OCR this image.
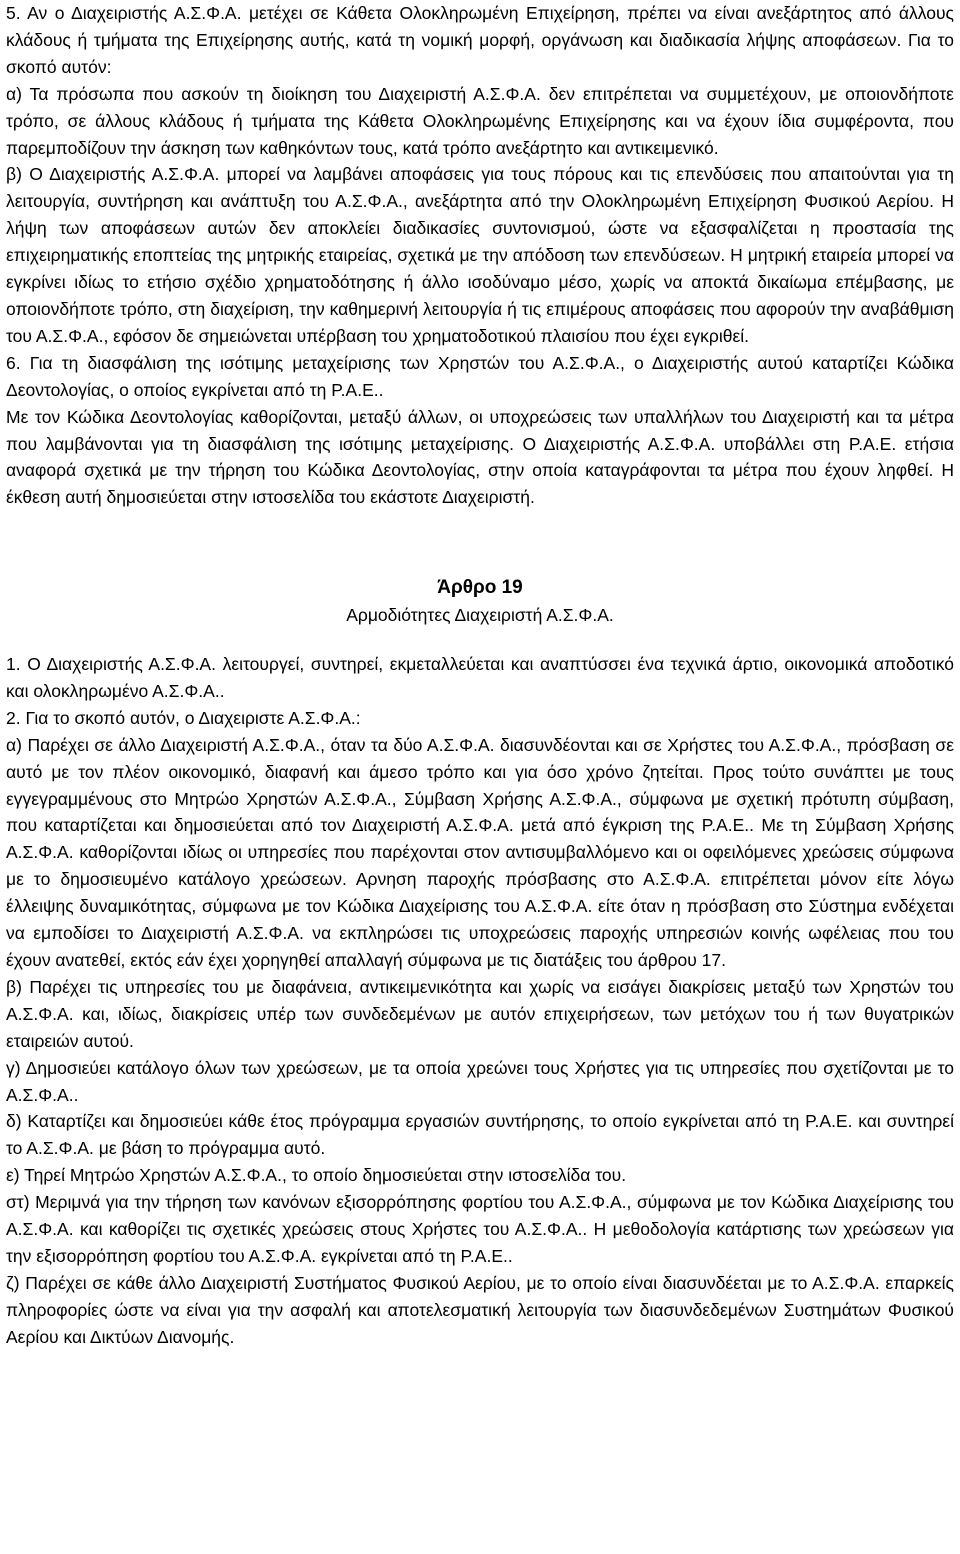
5. Αν ο Διαχειριστής Α.Σ.Φ.Α. μετέχει σε Κάθετα Ολοκληρωμένη Επιχείρηση, πρέπει να είναι ανεξάρτητος από άλλους κλάδους ή τμήματα της Επιχείρησης αυτής, κατά τη νομική μορφή, οργάνωση και διαδικασία λήψης αποφάσεων. Για το σκοπό αυτόν:

α) Τα πρόσωπα που ασκούν τη διοίκηση του Διαχειριστή Α.Σ.Φ.Α. δεν επιτρέπεται να συμμετέχουν, με οποιονδήποτε τρόπο, σε άλλους κλάδους ή τμήματα της Κάθετα Ολοκληρωμένης Επιχείρησης και να έχουν ίδια συμφέροντα, που παρεμποδίζουν την άσκηση των καθηκόντων τους, κατά τρόπο ανεξάρτητο και αντικειμενικό.

β) Ο Διαχειριστής Α.Σ.Φ.Α. μπορεί να λαμβάνει αποφάσεις για τους πόρους και τις επενδύσεις που απαιτούνται για τη λειτουργία, συντήρηση και ανάπτυξη του Α.Σ.Φ.Α., ανεξάρτητα από την Ολοκληρωμένη Επιχείρηση Φυσικού Αερίου. Η λήψη των αποφάσεων αυτών δεν αποκλείει διαδικασίες συντονισμού, ώστε να εξασφαλίζεται η προστασία της επιχειρηματικής εποπτείας της μητρικής εταιρείας, σχετικά με την απόδοση των επενδύσεων. Η μητρική εταιρεία μπορεί να εγκρίνει ιδίως το ετήσιο σχέδιο χρηματοδότησης ή άλλο ισοδύναμο μέσο, χωρίς να αποκτά δικαίωμα επέμβασης, με οποιονδήποτε τρόπο, στη διαχείριση, την καθημερινή λειτουργία ή τις επιμέρους αποφάσεις που αφορούν την αναβάθμιση του Α.Σ.Φ.Α., εφόσον δε σημειώνεται υπέρβαση του χρηματοδοτικού πλαισίου που έχει εγκριθεί.

6. Για τη διασφάλιση της ισότιμης μεταχείρισης των Χρηστών του Α.Σ.Φ.Α., ο Διαχειριστής αυτού καταρτίζει Κώδικα Δεοντολογίας, ο οποίος εγκρίνεται από τη Ρ.Α.Ε..

Με τον Κώδικα Δεοντολογίας καθορίζονται, μεταξύ άλλων, οι υποχρεώσεις των υπαλλήλων του Διαχειριστή και τα μέτρα που λαμβάνονται για τη διασφάλιση της ισότιμης μεταχείρισης. Ο Διαχειριστής Α.Σ.Φ.Α. υποβάλλει στη Ρ.Α.Ε. ετήσια αναφορά σχετικά με την τήρηση του Κώδικα Δεοντολογίας, στην οποία καταγράφονται τα μέτρα που έχουν ληφθεί. Η έκθεση αυτή δημοσιεύεται στην ιστοσελίδα του εκάστοτε Διαχειριστή.

Άρθρο 19

Αρμοδιότητες Διαχειριστή Α.Σ.Φ.Α.

1. Ο Διαχειριστής Α.Σ.Φ.Α. λειτουργεί, συντηρεί, εκμεταλλεύεται και αναπτύσσει ένα τεχνικά άρτιο, οικονομικά αποδοτικό και ολοκληρωμένο Α.Σ.Φ.Α..

2. Για το σκοπό αυτόν, ο Διαχειριστε Α.Σ.Φ.Α.:

α) Παρέχει σε άλλο Διαχειριστή Α.Σ.Φ.Α., όταν τα δύο Α.Σ.Φ.Α. διασυνδέονται και σε Χρήστες του Α.Σ.Φ.Α., πρόσβαση σε αυτό με τον πλέον οικονομικό, διαφανή και άμεσο τρόπο και για όσο χρόνο ζητείται. Προς τούτο συνάπτει με τους εγγεγραμμένους στο Μητρώο Χρηστών Α.Σ.Φ.Α., Σύμβαση Χρήσης Α.Σ.Φ.Α., σύμφωνα με σχετική πρότυπη σύμβαση, που καταρτίζεται και δημοσιεύεται από τον Διαχειριστή Α.Σ.Φ.Α. μετά από έγκριση της Ρ.Α.Ε.. Με τη Σύμβαση Χρήσης Α.Σ.Φ.Α. καθορίζονται ιδίως οι υπηρεσίες που παρέχονται στον αντισυμβαλλόμενο και οι οφειλόμενες χρεώσεις σύμφωνα με το δημοσιευμένο κατάλογο χρεώσεων. Αρνηση παροχής πρόσβασης στο Α.Σ.Φ.Α. επιτρέπεται μόνον είτε λόγω έλλειψης δυναμικότητας, σύμφωνα με τον Κώδικα Διαχείρισης του Α.Σ.Φ.Α. είτε όταν η πρόσβαση στο Σύστημα ενδέχεται να εμποδίσει το Διαχειριστή Α.Σ.Φ.Α. να εκπληρώσει τις υποχρεώσεις παροχής υπηρεσιών κοινής ωφέλειας που του έχουν ανατεθεί, εκτός εάν έχει χορηγηθεί απαλλαγή σύμφωνα με τις διατάξεις του άρθρου 17.

β) Παρέχει τις υπηρεσίες του με διαφάνεια, αντικειμενικότητα και χωρίς να εισάγει διακρίσεις μεταξύ των Χρηστών του Α.Σ.Φ.Α. και, ιδίως, διακρίσεις υπέρ των συνδεδεμένων με αυτόν επιχειρήσεων, των μετόχων του ή των θυγατρικών εταιρειών αυτού.

γ) Δημοσιεύει κατάλογο όλων των χρεώσεων, με τα οποία χρεώνει τους Χρήστες για τις υπηρεσίες που σχετίζονται με το Α.Σ.Φ.Α..

δ) Καταρτίζει και δημοσιεύει κάθε έτος πρόγραμμα εργασιών συντήρησης, το οποίο εγκρίνεται από τη Ρ.Α.Ε. και συντηρεί το Α.Σ.Φ.Α. με βάση το πρόγραμμα αυτό.

ε) Τηρεί Μητρώο Χρηστών Α.Σ.Φ.Α., το οποίο δημοσιεύεται στην ιστοσελίδα του.

στ) Μεριμνά για την τήρηση των κανόνων εξισορρόπησης φορτίου του Α.Σ.Φ.Α., σύμφωνα με τον Κώδικα Διαχείρισης του Α.Σ.Φ.Α. και καθορίζει τις σχετικές χρεώσεις στους Χρήστες του Α.Σ.Φ.Α.. Η μεθοδολογία κατάρτισης των χρεώσεων για την εξισορρόπηση φορτίου του Α.Σ.Φ.Α. εγκρίνεται από τη Ρ.Α.Ε..

ζ) Παρέχει σε κάθε άλλο Διαχειριστή Συστήματος Φυσικού Αερίου, με το οποίο είναι διασυνδέεται με το Α.Σ.Φ.Α. επαρκείς πληροφορίες ώστε να είναι για την ασφαλή και αποτελεσματική λειτουργία των διασυνδεδεμένων Συστημάτων Φυσικού Αερίου και Δικτύων Διανομής.
